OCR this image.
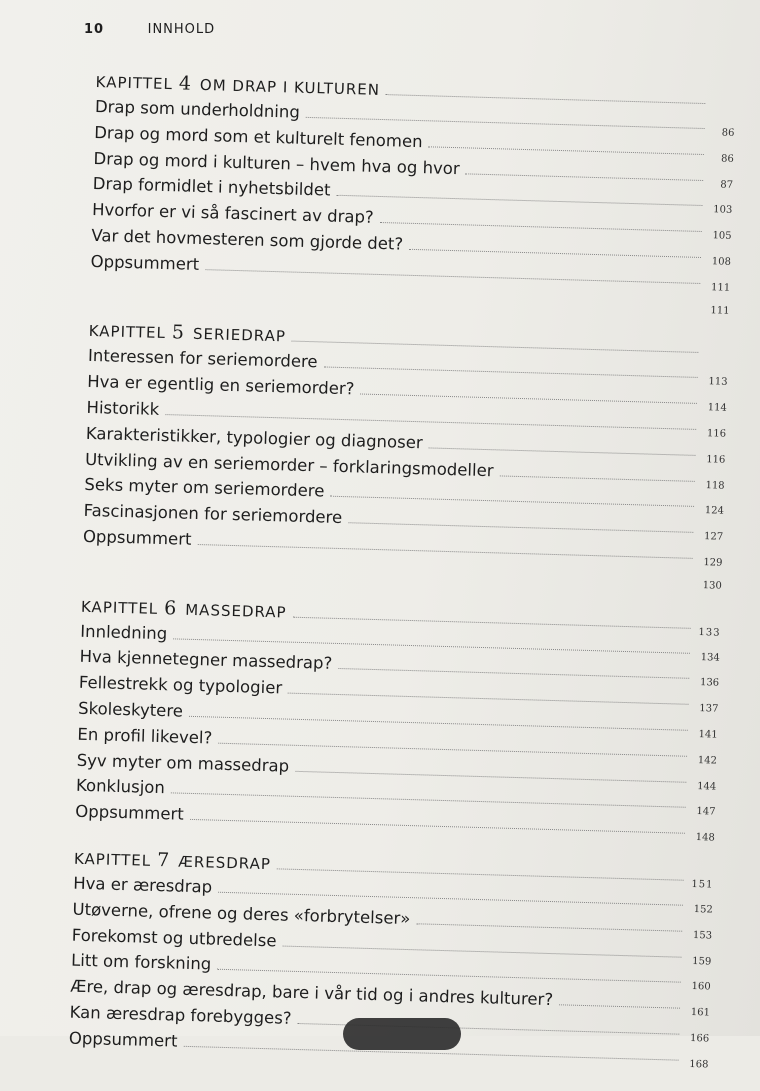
10	INNHOLD
KAPITTEL 4 OM DRAP I KULTUREN
Drap som underholdning
86
Drap og mord som et kulturelt fenomen
86
Drap og mord i kulturen – hvem hva og hvor
87
Drap formidlet i nyhetsbildet
103
Hvorfor er vi så fascinert av drap?
105
Var det hovmesteren som gjorde det?
108
Oppsummert
111
111
KAPITTEL 5 SERIEDRAP
Interessen for seriemordere
113
Hva er egentlig en seriemorder?
114
Historikk
116
Karakteristikker, typologier og diagnoser
116
Utvikling av en seriemorder – forklaringsmodeller
118
Seks myter om seriemordere
124
Fascinasjonen for seriemordere
127
Oppsummert
129
130
KAPITTEL 6 MASSEDRAP
133
Innledning
134
Hva kjennetegner massedrap?
136
Fellestrekk og typologier
137
Skoleskytere
141
En profil likevel?
142
Syv myter om massedrap
144
Konklusjon
147
Oppsummert
148
KAPITTEL 7 ÆRESDRAP
151
Hva er æresdrap
152
Utøverne, ofrene og deres «forbrytelser»
153
Forekomst og utbredelse
159
Litt om forskning
160
Ære, drap og æresdrap, bare i vår tid og i andres kulturer?
161
Kan æresdrap forebygges?
166
Oppsummert
168
